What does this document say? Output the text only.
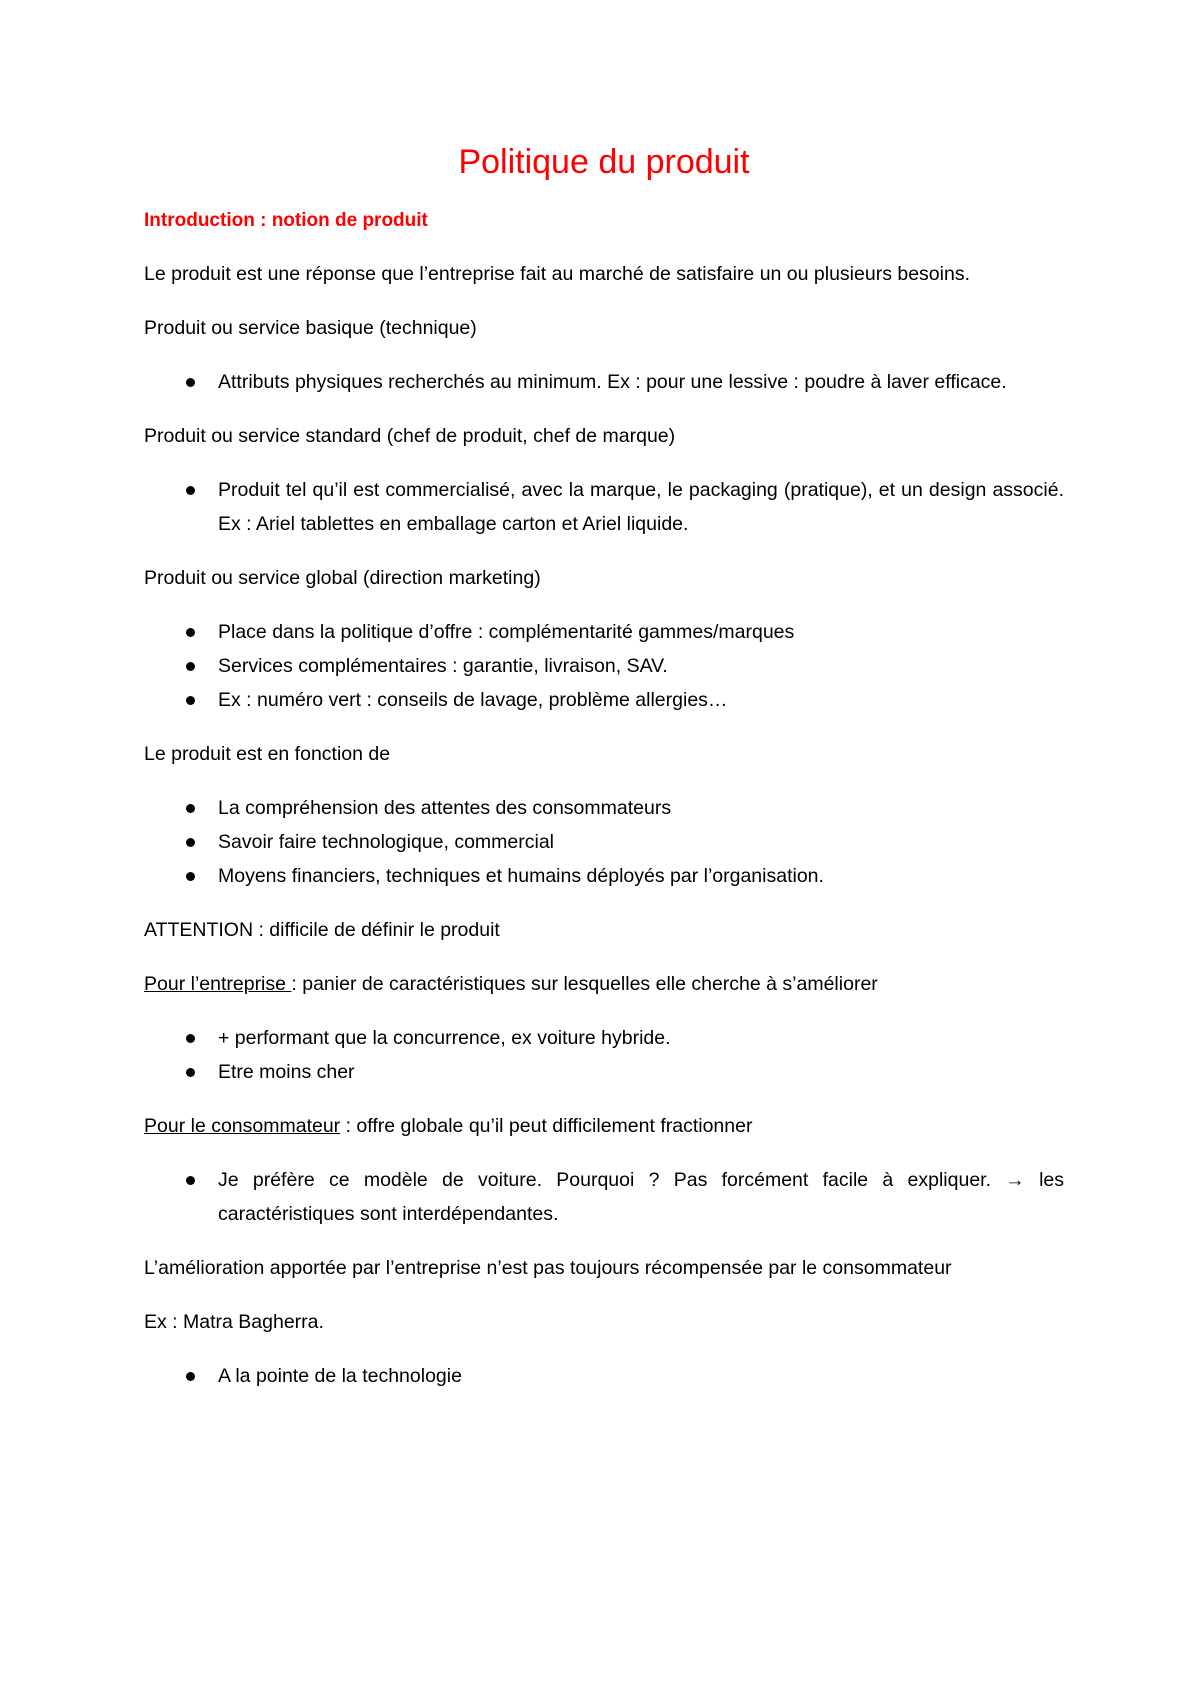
Politique du produit
Introduction : notion de produit

Le produit est une réponse que l’entreprise fait au marché de satisfaire un ou plusieurs besoins.

Produit ou service basique (technique)

Attributs physiques recherchés au minimum. Ex : pour une lessive : poudre à laver efficace.

Produit ou service standard (chef de produit, chef de marque)

Produit tel qu’il est commercialisé, avec la marque, le packaging (pratique), et un design associé. Ex : Ariel tablettes en emballage carton et Ariel liquide.

Produit ou service global (direction marketing)

Place dans la politique d’offre : complémentarité gammes/marques
Services complémentaires : garantie, livraison, SAV.
Ex : numéro vert : conseils de lavage, problème allergies…

Le produit est en fonction de

La compréhension des attentes des consommateurs
Savoir faire technologique, commercial
Moyens financiers, techniques et humains déployés par l’organisation.

ATTENTION : difficile de définir le produit

Pour l’entreprise : panier de caractéristiques sur lesquelles elle cherche à s’améliorer

+ performant que la concurrence, ex voiture hybride.
Etre moins cher

Pour le consommateur : offre globale qu’il peut difficilement fractionner

Je préfère ce modèle de voiture. Pourquoi ? Pas forcément facile à expliquer. → les caractéristiques sont interdépendantes.

L’amélioration apportée par l’entreprise n’est pas toujours récompensée par le consommateur

Ex : Matra Bagherra.

A la pointe de la technologie
